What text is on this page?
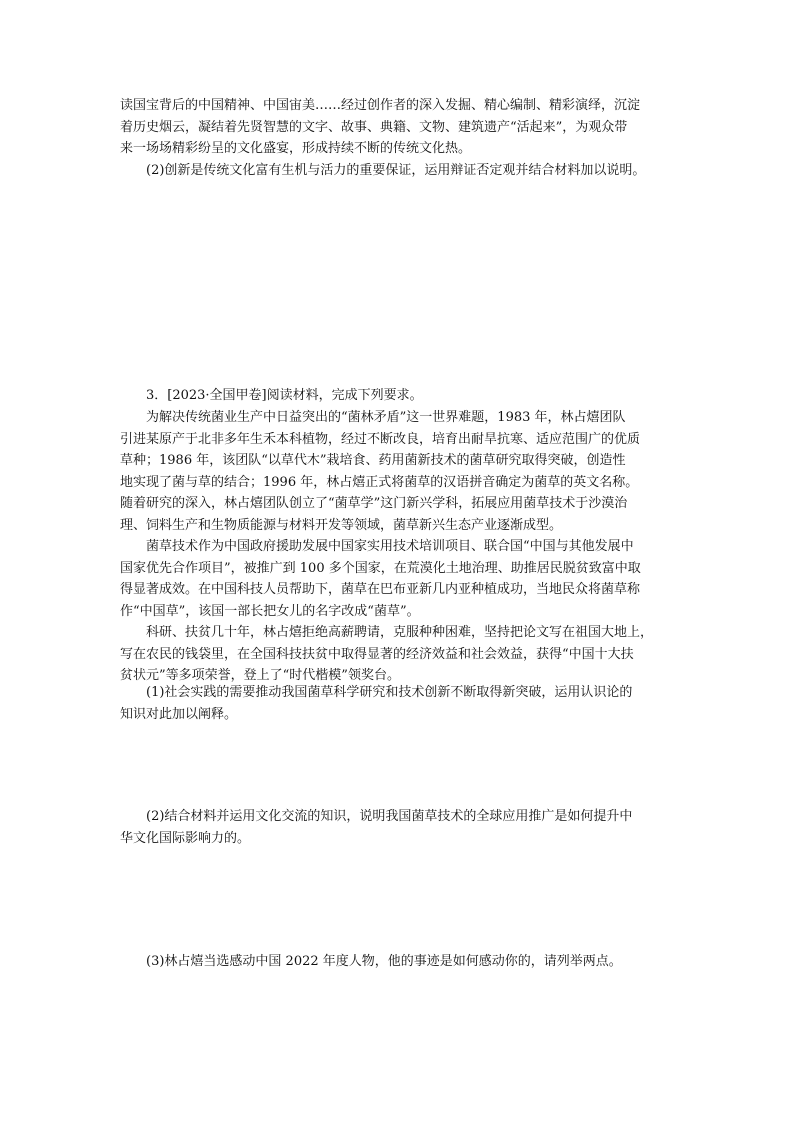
读国宝背后的中国精神、中国宙美……经过创作者的深入发掘、精心编制、精彩演绎，沉淀
着历史烟云，凝结着先贤智慧的文字、故事、典籍、文物、建筑遗产“活起来”，为观众带
来一场场精彩纷呈的文化盛宴，形成持续不断的传统文化热。

(2)创新是传统文化富有生机与活力的重要保证，运用辩证否定观并结合材料加以说明。

3．[2023·全国甲卷]阅读材料，完成下列要求。

为解决传统菌业生产中日益突出的“菌林矛盾”这一世界难题，1983 年，林占熺团队
引进某原产于北非多年生禾本科植物，经过不断改良，培育出耐旱抗寒、适应范围广的优质
草种；1986 年，该团队“以草代木”栽培食、药用菌新技术的菌草研究取得突破，创造性
地实现了菌与草的结合；1996 年，林占熺正式将菌草的汉语拼音确定为菌草的英文名称。
随着研究的深入，林占熺团队创立了“菌草学”这门新兴学科，拓展应用菌草技术于沙漠治
理、饲料生产和生物质能源与材料开发等领域，菌草新兴生态产业逐渐成型。
菌草技术作为中国政府援助发展中国家实用技术培训项目、联合国“中国与其他发展中
国家优先合作项目”，被推广到 100 多个国家，在荒漠化土地治理、助推居民脱贫致富中取
得显著成效。在中国科技人员帮助下，菌草在巴布亚新几内亚种植成功，当地民众将菌草称
作“中国草”，该国一部长把女儿的名字改成“菌草”。
科研、扶贫几十年，林占熺拒绝高薪聘请，克服种种困难，坚持把论文写在祖国大地上，
写在农民的钱袋里，在全国科技扶贫中取得显著的经济效益和社会效益，获得“中国十大扶
贫状元”等多项荣誉，登上了“时代楷模”领奖台。
(1)社会实践的需要推动我国菌草科学研究和技术创新不断取得新突破，运用认识论的
知识对此加以阐释。
(2)结合材料并运用文化交流的知识，说明我国菌草技术的全球应用推广是如何提升中
华文化国际影响力的。

(3)林占熺当选感动中国 2022 年度人物，他的事迹是如何感动你的，请列举两点。
